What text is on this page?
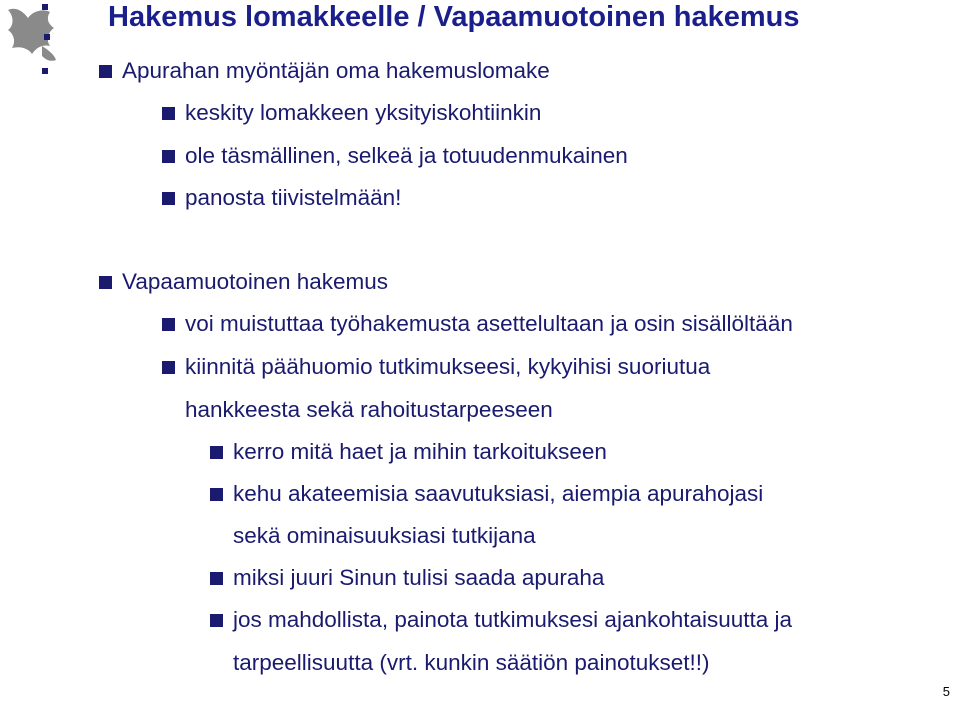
Hakemus lomakkeelle / Vapaamuotoinen hakemus
Apurahan myöntäjän oma hakemuslomake
keskity lomakkeen yksityiskohtiinkin
ole täsmällinen, selkeä ja totuudenmukainen
panosta tiivistelmään!
Vapaamuotoinen hakemus
voi muistuttaa työhakemusta asettelultaan ja osin sisällöltään
kiinnitä päähuomio tutkimukseesi, kykyihisi suoriutua
hankkeesta sekä rahoitustarpeeseen
kerro mitä haet ja mihin tarkoitukseen
kehu akateemisia saavutuksiasi, aiempia apurahojasi
sekä ominaisuuksiasi tutkijana
miksi juuri Sinun tulisi saada apuraha
jos mahdollista, painota tutkimuksesi ajankohtaisuutta ja
tarpeellisuutta (vrt. kunkin säätiön painotukset!!)
5
